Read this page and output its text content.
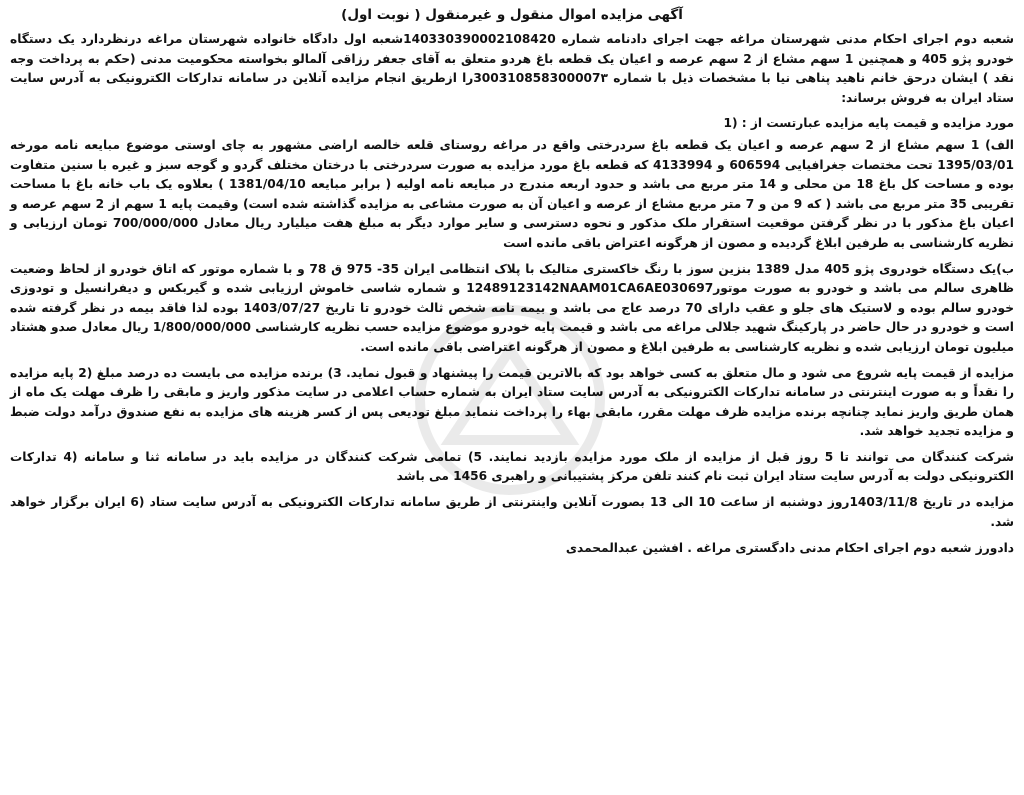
آگهی مزایده اموال منقول و غیرمنقول ( نوبت اول)

شعبه دوم اجرای احکام مدنی شهرستان مراغه جهت اجرای دادنامه شماره 140330390002108420شعبه اول دادگاه خانواده شهرستان مراغه درنظردارد یک دستگاه خودرو پژو 405 و همچنین 1 سهم مشاع از 2 سهم عرصه و اعیان یک قطعه باغ هردو متعلق به آقای جعفر رزاقی آلمالو بخواسته محکومیت مدنی (حکم به پرداخت وجه نقد ) ایشان درحق خانم ناهید پناهی نیا با مشخصات ذیل با شماره 300310858300007۳را ازطریق انجام مزایده آنلاین در سامانه تدارکات الکترونیکی به آدرس سایت ستاد ایران به فروش برساند:

مورد مزایده و قیمت پایه مزایده عبارتست از : (1

الف) 1 سهم مشاع از 2 سهم عرصه و اعیان یک قطعه باغ سردرختی واقع در مراغه روستای قلعه خالصه اراضی مشهور به چای اوستی موضوع مبایعه نامه مورخه 1395/03/01 تحت مختصات جغرافیایی 606594 و 4133994 که قطعه باغ مورد مزایده به صورت سردرختی با درختان مختلف گردو و گوجه سبز و غیره با سنین متفاوت بوده و مساحت کل باغ 18 من محلی و 14 متر مربع می باشد و حدود اربعه مندرج در مبایعه نامه اولیه ( برابر مبایعه 1381/04/10 ) بعلاوه یک باب خانه باغ با مساحت تقریبی 35 متر مربع می باشد ( که 9 من و 7 متر مربع مشاع از عرصه و اعیان آن به صورت مشاعی به مزایده گذاشته شده است) وقیمت پایه 1 سهم از 2 سهم عرصه و اعیان باغ مذکور با در نظر گرفتن موقعیت استقرار ملک مذکور و نحوه دسترسی و سایر موارد دیگر به مبلغ هفت میلیارد ریال معادل 700/000/000 تومان ارزیابی و نظریه کارشناسی به طرفین ابلاغ گردیده و مصون از هرگونه اعتراض باقی مانده است

ب)یک دستگاه خودروی پژو 405 مدل 1389 بنزین سوز با رنگ خاکستری متالیک با پلاک انتظامی ایران 35- 975 ق 78 و با شماره موتور که اتاق خودرو از لحاظ وضعیت ظاهری سالم می باشد و خودرو به صورت موتور12489123142NAAM01CA6AE030697 و شماره شاسی خاموش ارزیابی شده و گیربکس و دیفرانسیل و تودوزی خودرو سالم بوده و لاستیک های جلو و عقب دارای 70 درصد عاج می باشد و بیمه نامه شخص ثالث خودرو تا تاریخ 1403/07/27 بوده لذا فاقد بیمه در نظر گرفته شده است و خودرو در حال حاضر در پارکینگ شهید جلالی مراغه می باشد و قیمت پایه خودرو موضوع مزایده حسب نظریه کارشناسی 1/800/000/000 ریال معادل صدو هشتاد میلیون تومان ارزیابی شده و نظریه کارشناسی به طرفین ابلاغ و مصون از هرگونه اعتراضی باقی مانده است.

مزایده از قیمت پایه شروع می شود و مال متعلق به کسی خواهد بود که بالاترین قیمت را پیشنهاد و قبول نماید. 3) برنده مزایده می بایست ده درصد مبلغ (2 پایه مزایده را نقداً و به صورت اینترنتی در سامانه تدارکات الکترونیکی به آدرس سایت ستاد ایران به شماره حساب اعلامی در سایت مذکور واریز و مابقی را ظرف مهلت یک ماه از همان طریق واریز نماید چنانچه برنده مزایده ظرف مهلت مقرر، مابقی بهاء را پرداخت ننماید مبلغ تودیعی پس از کسر هزینه های مزایده به نفع صندوق درآمد دولت ضبط و مزایده تجدید خواهد شد.

شرکت کنندگان می توانند تا 5 روز قبل از مزایده از ملک مورد مزایده بازدید نمایند. 5) تمامی شرکت کنندگان در مزایده باید در سامانه ثنا و سامانه (4 تدارکات الکترونیکی دولت به آدرس سایت ستاد ایران ثبت نام کنند تلفن مرکز پشتیبانی و راهبری 1456 می باشد

مزایده در تاریخ 1403/11/8روز دوشنبه از ساعت 10 الی 13 بصورت آنلاین واینترنتی از طریق سامانه تدارکات الکترونیکی به آدرس سایت ستاد (6 ایران برگزار خواهد شد.

دادورز شعبه دوم اجرای احکام مدنی دادگستری مراغه . افشین عبدالمحمدی
